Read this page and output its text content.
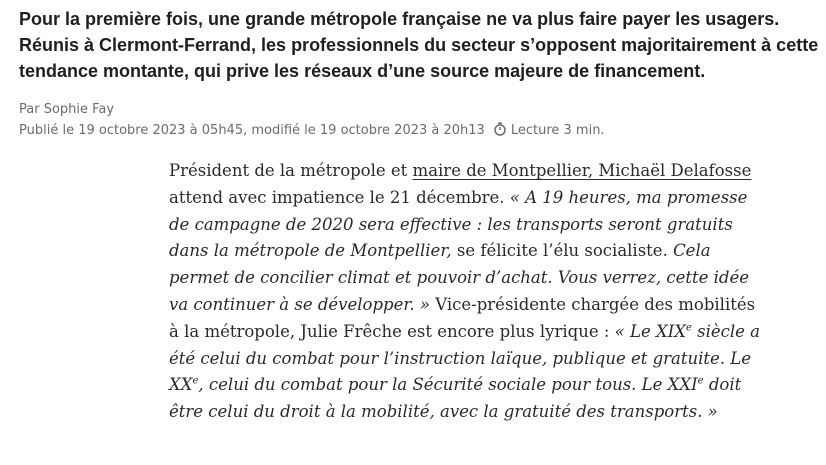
Pour la première fois, une grande métropole française ne va plus faire payer les usagers. Réunis à Clermont-Ferrand, les professionnels du secteur s’opposent majoritairement à cette tendance montante, qui prive les réseaux d’une source majeure de financement.

Par Sophie Fay

Publié le 19 octobre 2023 à 05h45, modifié le 19 octobre 2023 à 20h13 Lecture 3 min.

Président de la métropole et maire de Montpellier, Michaël Delafosse attend avec impatience le 21 décembre. « A 19 heures, ma promesse de campagne de 2020 sera effective : les transports seront gratuits dans la métropole de Montpellier, se félicite l’élu socialiste. Cela permet de concilier climat et pouvoir d’achat. Vous verrez, cette idée va continuer à se développer. » Vice-présidente chargée des mobilités à la métropole, Julie Frêche est encore plus lyrique : « Le XIXe siècle a été celui du combat pour l’instruction laïque, publique et gratuite. Le XXe, celui du combat pour la Sécurité sociale pour tous. Le XXIe doit être celui du droit à la mobilité, avec la gratuité des transports. »
